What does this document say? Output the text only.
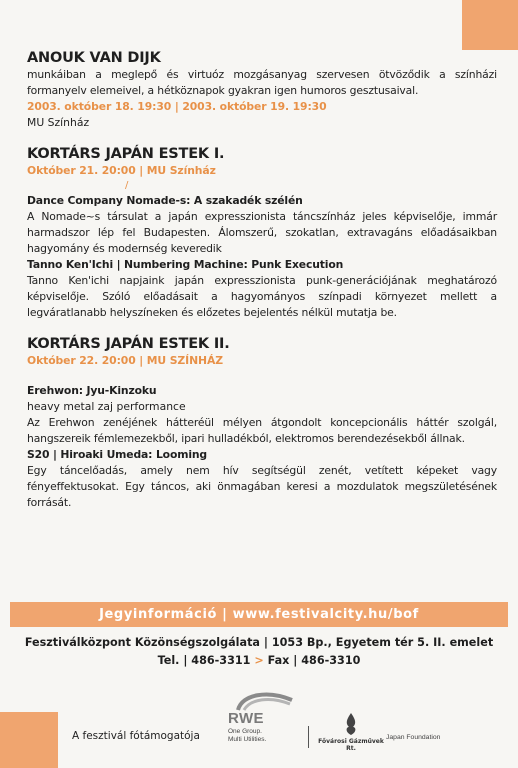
ANOUK VAN DIJK

munkáiban a meglepő és virtuóz mozgásanyag szervesen ötvöződik a színházi formanyelv elemeivel, a hétköznapok gyakran igen humoros gesztusaival.

2003. október 18. 19:30 | 2003. október 19. 19:30
MU Színház
KORTÁRS JAPÁN ESTEK I.
Október 21. 20:00 | MU Színház
/
Dance Company Nomade-s: A szakadék szélén

A Nomade~s társulat a japán expresszionista táncszínház jeles képviselője, immár harmadszor lép fel Budapesten. Álomszerű, szokatlan, extravagáns előadásaikban hagyomány és modernség keveredik

Tanno Ken'Ichi | Numbering Machine: Punk Execution

Tanno Ken'ichi napjaink japán expresszionista punk-generációjának meghatározó képviselője. Szóló előadásait a hagyományos színpadi környezet mellett a legváratlanabb helyszíneken és előzetes bejelentés nélkül mutatja be.

KORTÁRS JAPÁN ESTEK II.
Október 22. 20:00 | MU SZÍNHÁZ
Erehwon: Jyu-Kinzoku
heavy metal zaj performance

Az Erehwon zenéjének hátteréül mélyen átgondolt koncepcionális háttér szolgál, hangszereik fémlemezekből, ipari hulladékból, elektromos berendezésekből állnak.

S20 | Hiroaki Umeda: Looming

Egy táncelőadás, amely nem hív segítségül zenét, vetített képeket vagy fényeffektusokat. Egy táncos, aki önmagában keresi a mozdulatok megszületésének forrását.

Jegyinformáció | www.festivalcity.hu/bof
Fesztiválközpont Közönségszolgálata | 1053 Bp., Egyetem tér 5. II. emelet
Tel. | 486-3311 > Fax | 486-3310
A fesztivál fótámogatója
RWE
One Group.
Multi Utilities.	Fővárosi Gázművek Rt.
Japan Foundation
